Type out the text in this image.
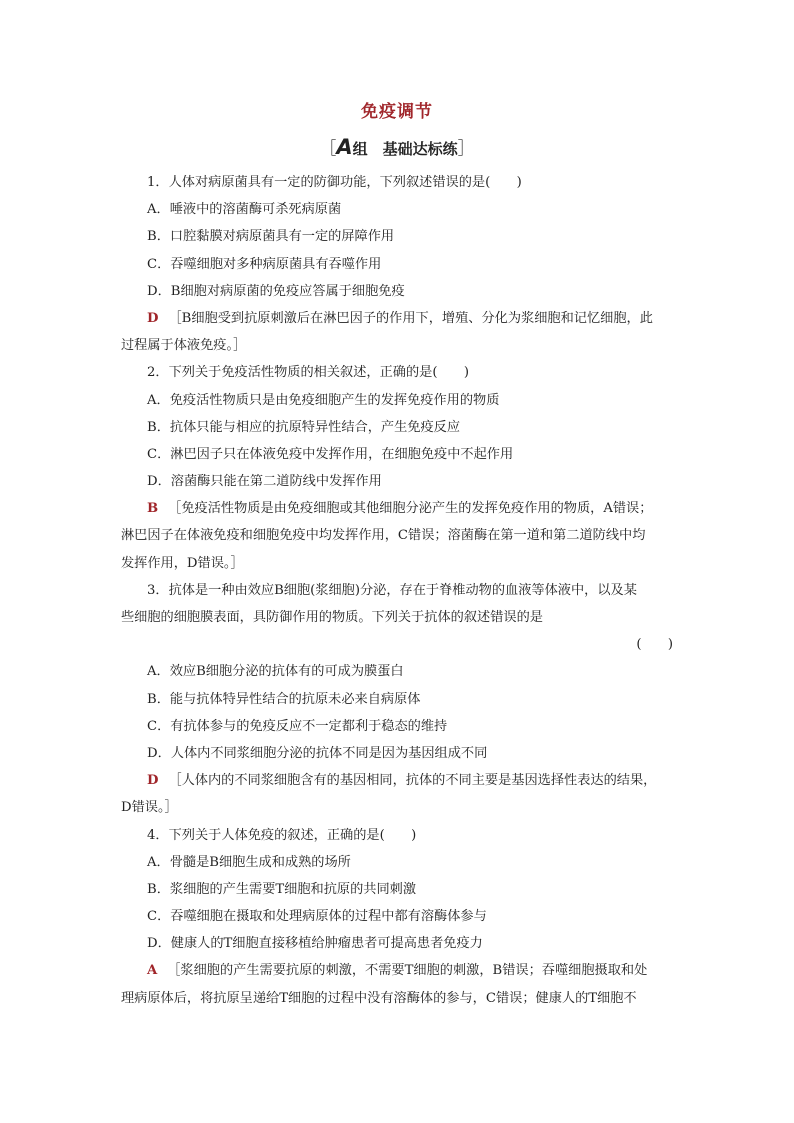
免疫调节
［A组　基础达标练］
1．人体对病原菌具有一定的防御功能，下列叙述错误的是(　　)
A．唾液中的溶菌酶可杀死病原菌
B．口腔黏膜对病原菌具有一定的屏障作用
C．吞噬细胞对多种病原菌具有吞噬作用
D．B细胞对病原菌的免疫应答属于细胞免疫
D ［B细胞受到抗原刺激后在淋巴因子的作用下，增殖、分化为浆细胞和记忆细胞，此
过程属于体液免疫。］
2．下列关于免疫活性物质的相关叙述，正确的是(　　)
A．免疫活性物质只是由免疫细胞产生的发挥免疫作用的物质
B．抗体只能与相应的抗原特异性结合，产生免疫反应
C．淋巴因子只在体液免疫中发挥作用，在细胞免疫中不起作用
D．溶菌酶只能在第二道防线中发挥作用
B ［免疫活性物质是由免疫细胞或其他细胞分泌产生的发挥免疫作用的物质，A错误；
淋巴因子在体液免疫和细胞免疫中均发挥作用，C错误；溶菌酶在第一道和第二道防线中均
发挥作用，D错误。］
3．抗体是一种由效应B细胞(浆细胞)分泌，存在于脊椎动物的血液等体液中，以及某
些细胞的细胞膜表面，具防御作用的物质。下列关于抗体的叙述错误的是
(　　)
A．效应B细胞分泌的抗体有的可成为膜蛋白
B．能与抗体特异性结合的抗原未必来自病原体
C．有抗体参与的免疫反应不一定都利于稳态的维持
D．人体内不同浆细胞分泌的抗体不同是因为基因组成不同
D ［人体内的不同浆细胞含有的基因相同，抗体的不同主要是基因选择性表达的结果，
D错误。］
4．下列关于人体免疫的叙述，正确的是(　　)
A．骨髓是B细胞生成和成熟的场所
B．浆细胞的产生需要T细胞和抗原的共同刺激
C．吞噬细胞在摄取和处理病原体的过程中都有溶酶体参与
D．健康人的T细胞直接移植给肿瘤患者可提高患者免疫力
A ［浆细胞的产生需要抗原的刺激，不需要T细胞的刺激，B错误；吞噬细胞摄取和处
理病原体后，将抗原呈递给T细胞的过程中没有溶酶体的参与，C错误；健康人的T细胞不
